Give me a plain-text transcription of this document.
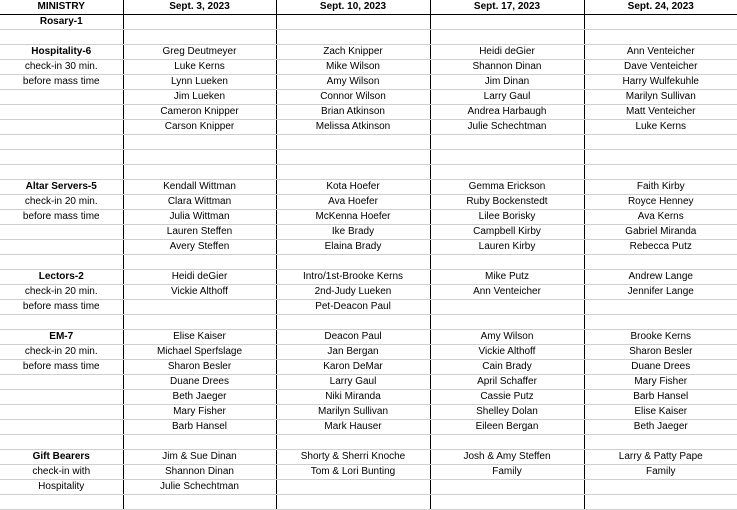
MINISTRY	Sept. 3, 2023	Sept. 10, 2023	Sept. 17, 2023	Sept. 24, 2023
Rosary-1				

Hospitality-6	Greg Deutmeyer	Zach Knipper	Heidi deGier	Ann Venteicher
check-in 30 min.	Luke Kerns	Mike Wilson	Shannon Dinan	Dave Venteicher
before mass time	Lynn Lueken	Amy Wilson	Jim Dinan	Harry Wulfekuhle
	Jim Lueken	Connor Wilson	Larry Gaul	Marilyn Sullivan
	Cameron Knipper	Brian Atkinson	Andrea Harbaugh	Matt Venteicher
	Carson Knipper	Melissa Atkinson	Julie Schechtman	Luke Kerns

Altar Servers-5	Kendall Wittman	Kota Hoefer	Gemma Erickson	Faith Kirby
check-in 20 min.	Clara Wittman	Ava Hoefer	Ruby Bockenstedt	Royce Henney
before mass time	Julia Wittman	McKenna Hoefer	Lilee Borisky	Ava Kerns
	Lauren Steffen	Ike Brady	Campbell Kirby	Gabriel Miranda
	Avery Steffen	Elaina Brady	Lauren Kirby	Rebecca Putz

Lectors-2	Heidi deGier	Intro/1st-Brooke Kerns	Mike Putz	Andrew Lange
check-in 20 min.	Vickie Althoff	2nd-Judy Lueken	Ann Venteicher	Jennifer Lange
before mass time		Pet-Deacon Paul		

EM-7	Elise Kaiser	Deacon Paul	Amy Wilson	Brooke Kerns
check-in 20 min.	Michael Sperfslage	Jan Bergan	Vickie Althoff	Sharon Besler
before mass time	Sharon Besler	Karon DeMar	Cain Brady	Duane Drees
	Duane Drees	Larry Gaul	April Schaffer	Mary Fisher
	Beth Jaeger	Niki Miranda	Cassie Putz	Barb Hansel
	Mary Fisher	Marilyn Sullivan	Shelley Dolan	Elise Kaiser
	Barb Hansel	Mark Hauser	Eileen Bergan	Beth Jaeger

Gift Bearers	Jim & Sue Dinan	Shorty & Sherri Knoche	Josh & Amy Steffen	Larry & Patty Pape
check-in with	Shannon Dinan	Tom & Lori Bunting	Family	Family
Hospitality	Julie Schechtman			
